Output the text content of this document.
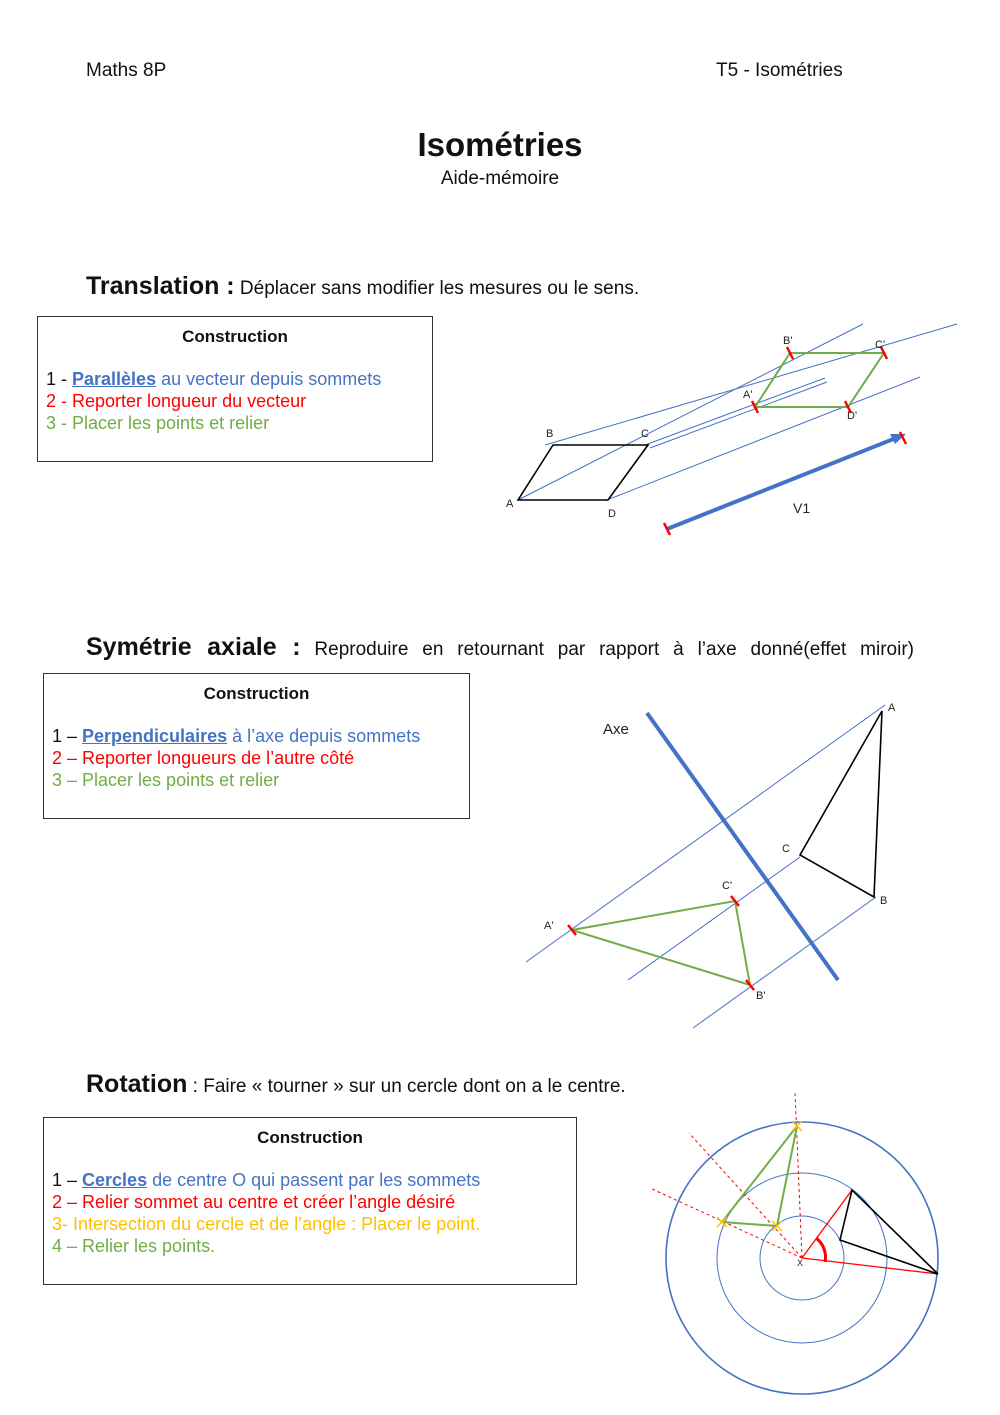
Maths 8P	T5 - Isométries
Isométries
Aide-mémoire
Translation : Déplacer sans modifier les mesures ou le sens.
Construction
1 - Parallèles au vecteur depuis sommets
2 - Reporter longueur du vecteur
3 - Placer les points et relier
A
B	C
D
A'
B'	C'
D'
V1
Symétrie axiale : Reproduire en retournant par rapport à l’axe donné(effet miroir)
Construction
1 – Perpendiculaires à l’axe depuis sommets
2 – Reporter longueurs de l’autre côté
3 – Placer les points et relier
Axe
A
B
C
A'
B'
C'
Rotation : Faire « tourner » sur un cercle dont on a le centre.
Construction
1 – Cercles de centre O qui passent par les sommets
2 – Relier sommet au centre et créer l’angle désiré
3- Intersection du cercle et de l’angle : Placer le point.
4 – Relier les points.
X
